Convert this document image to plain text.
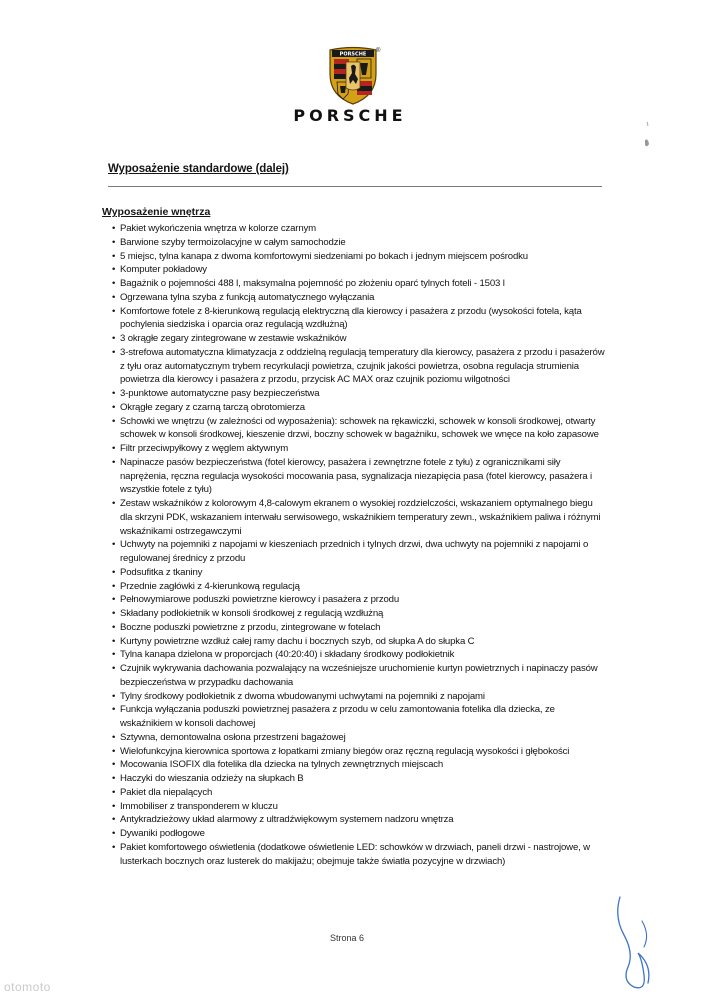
PORSCHE
®
PORSCHE
Wyposażenie standardowe (dalej)
Wyposażenie wnętrza
• Pakiet wykończenia wnętrza w kolorze czarnym
• Barwione szyby termoizolacyjne w całym samochodzie
• 5 miejsc, tylna kanapa z dwoma komfortowymi siedzeniami po bokach i jednym miejscem pośrodku
• Komputer pokładowy
• Bagażnik o pojemności 488 l, maksymalna pojemność po złożeniu oparć tylnych foteli - 1503 l
• Ogrzewana tylna szyba z funkcją automatycznego wyłączania
• Komfortowe fotele z 8-kierunkową regulacją elektryczną dla kierowcy i pasażera z przodu (wysokości fotela, kąta pochylenia siedziska i oparcia oraz regulacją wzdłużną)
• 3 okrągłe zegary zintegrowane w zestawie wskaźników
• 3-strefowa automatyczna klimatyzacja z oddzielną regulacją temperatury dla kierowcy, pasażera z przodu i pasażerów z tyłu oraz automatycznym trybem recyrkulacji powietrza, czujnik jakości powietrza, osobna regulacja strumienia powietrza dla kierowcy i pasażera z przodu, przycisk AC MAX oraz czujnik poziomu wilgotności
• 3-punktowe automatyczne pasy bezpieczeństwa
• Okrągłe zegary z czarną tarczą obrotomierza
• Schowki we wnętrzu (w zależności od wyposażenia): schowek na rękawiczki, schowek w konsoli środkowej, otwarty schowek w konsoli środkowej, kieszenie drzwi, boczny schowek w bagażniku, schowek we wnęce na koło zapasowe
• Filtr przeciwpyłkowy z węglem aktywnym
• Napinacze pasów bezpieczeństwa (fotel kierowcy, pasażera i zewnętrzne fotele z tyłu) z ogranicznikami siły naprężenia, ręczna regulacja wysokości mocowania pasa, sygnalizacja niezapięcia pasa (fotel kierowcy, pasażera i wszystkie fotele z tyłu)
• Zestaw wskaźników z kolorowym 4,8-calowym ekranem o wysokiej rozdzielczości, wskazaniem optymalnego biegu dla skrzyni PDK, wskazaniem interwału serwisowego, wskaźnikiem temperatury zewn., wskaźnikiem paliwa i różnymi wskaźnikami ostrzegawczymi
• Uchwyty na pojemniki z napojami w kieszeniach przednich i tylnych drzwi, dwa uchwyty na pojemniki z napojami o regulowanej średnicy z przodu
• Podsufitka z tkaniny
• Przednie zagłówki z 4-kierunkową regulacją
• Pełnowymiarowe poduszki powietrzne kierowcy i pasażera z przodu
• Składany podłokietnik w konsoli środkowej z regulacją wzdłużną
• Boczne poduszki powietrzne z przodu, zintegrowane w fotelach
• Kurtyny powietrzne wzdłuż całej ramy dachu i bocznych szyb, od słupka A do słupka C
• Tylna kanapa dzielona w proporcjach (40:20:40) i składany środkowy podłokietnik
• Czujnik wykrywania dachowania pozwalający na wcześniejsze uruchomienie kurtyn powietrznych i napinaczy pasów bezpieczeństwa w przypadku dachowania
• Tylny środkowy podłokietnik z dwoma wbudowanymi uchwytami na pojemniki z napojami
• Funkcja wyłączania poduszki powietrznej pasażera z przodu w celu zamontowania fotelika dla dziecka, ze wskaźnikiem w konsoli dachowej
• Sztywna, demontowalna osłona przestrzeni bagażowej
• Wielofunkcyjna kierownica sportowa z łopatkami zmiany biegów oraz ręczną regulacją wysokości i głębokości
• Mocowania ISOFIX dla fotelika dla dziecka na tylnych zewnętrznych miejscach
• Haczyki do wieszania odzieży na słupkach B
• Pakiet dla niepalących
• Immobiliser z transponderem w kluczu
• Antykradzieżowy układ alarmowy z ultradźwiękowym systemem nadzoru wnętrza
• Dywaniki podłogowe
• Pakiet komfortowego oświetlenia (dodatkowe oświetlenie LED: schowków w drzwiach, paneli drzwi - nastrojowe, w lusterkach bocznych oraz lusterek do makijażu; obejmuje także światła pozycyjne w drzwiach)
Strona 6
otomoto
